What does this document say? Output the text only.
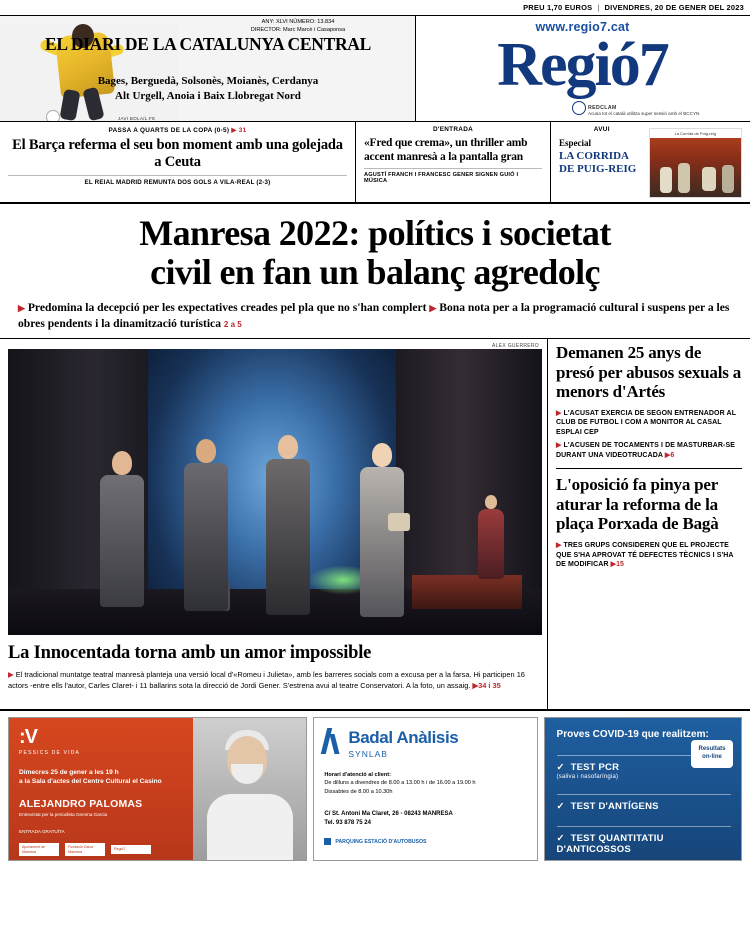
PREU 1,70 EUROS | DIVENDRES, 20 DE GENER DEL 2023
JAVI BOLA/L.FE
ANY: XLVI NÚMERO: 13.834
DIRECTOR: Marc Marcè i Casaponsa
EL DIARI DE LA CATALUNYA CENTRAL
Bages, Berguedà, Solsonès, Moianès, Cerdanya
Alt Urgell, Anoia i Baix Llobregat Nord
www.regio7.cat
Regió7
REDCLAM
Acusa tot el català utilitza super sessió amb el BCCYN
PASSA A QUARTS DE LA COPA (0-5) ▶ 31
El Barça referma el seu bon moment amb una golejada a Ceuta
EL REIAL MADRID REMUNTA DOS GOLS A VILA-REAL (2-3)
D'ENTRADA
«Fred que crema», un thriller amb accent manresà a la pantalla gran
AGUSTÍ FRANCH I FRANCESC GENER SIGNEN GUIÓ I MÚSICA
AVUI
Especial
LA CORRIDA
DE PUIG-REIG
La Corrida de Puig-reig
Manresa 2022: polítics i societat
civil en fan un balanç agredolç
▶ Predomina la decepció per les expectatives creades pel pla que no s'han complert ▶ Bona nota per a la programació cultural i suspens per a les obres pendents i la dinamització turística 2 a 5
ALEX GUERRERO
La Innocentada torna amb un amor impossible
▶ El tradicional muntatge teatral manresà planteja una versió local d'«Romeu i Julieta», amb les barreres socials com a excusa per a la farsa. Hi participen 16 actors -entre ells l'autor, Carles Claret- i 11 ballarins sota la direcció de Jordi Gener. S'estrena avui al teatre Conservatori. A la foto, un assaig. ▶34 i 35
Demanen 25 anys de presó per abusos sexuals a menors d'Artés
▶ L'ACUSAT EXERCIA DE SEGON ENTRENADOR AL CLUB DE FUTBOL I COM A MONITOR AL CASAL ESPLAI CEP
▶ L'ACUSEN DE TOCAMENTS I DE MASTURBAR-SE DURANT UNA VIDEOTRUCADA ▶6
L'oposició fa pinya per aturar la reforma de la plaça Porxada de Bagà
▶ TRES GRUPS CONSIDEREN QUE EL PROJECTE QUE S'HA APROVAT TÉ DEFECTES TÈCNICS I S'HA DE MODIFICAR ▶15
:V
PESSICS DE VIDA
Dimecres 25 de gener a les 19 h
a la Sala d'actes del Centre Cultural el Casino
ALEJANDRO PALOMAS
Entrevistat per la periodista Gemma Garcia
ENTRADA GRATUÏTA
Ajuntament de Manresa
Fundació Caixa Manresa
Regió7
Badal Anàlisis
SYNLAB
Horari d'atenció al client:
De dilluns a divendres de 8.00 a 13.00 h i de 16.00 a 19.00 h
Dissabtes de 8.00 a 10.30h
C/ St. Antoni Ma Claret, 26 - 08243 MANRESA
Tel. 93 878 75 24
PARQUING ESTACIÓ D'AUTOBUSOS
Proves COVID-19 que realitzem:
Resultats
on-line
✓ TEST PCR
(saliva i nasofaríngia)
✓ TEST D'ANTÍGENS
✓ TEST QUANTITATIU D'ANTICOSSOS
